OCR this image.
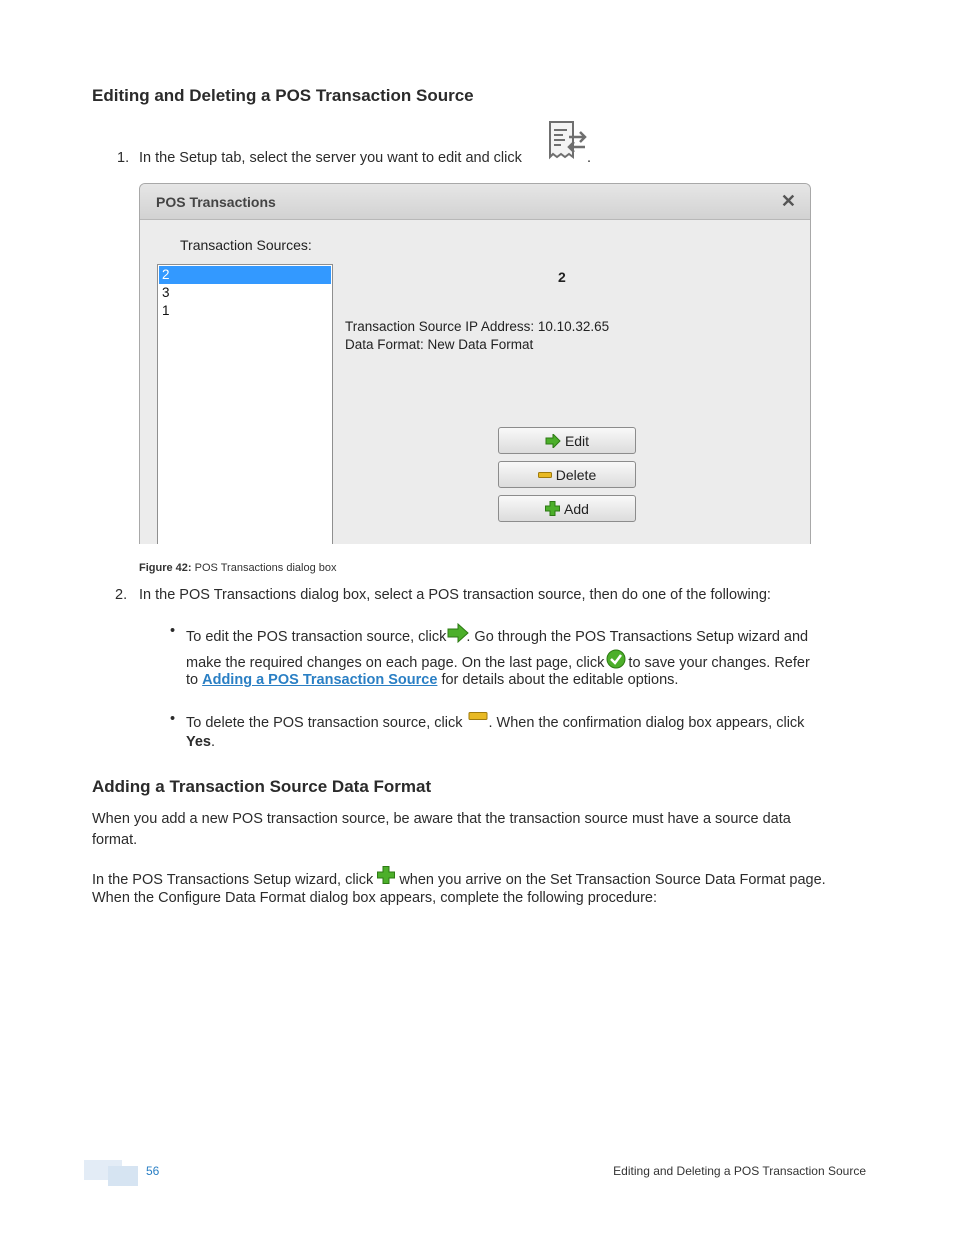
Editing and Deleting a POS Transaction Source
1. In the Setup tab, select the server you want to edit and click	.
POS Transactions	✕
Transaction Sources:
2
3
1
2
Transaction Source IP Address: 10.10.32.65
Data Format: New Data Format
Edit
Delete
Add
Figure 42: POS Transactions dialog box
2. In the POS Transactions dialog box, select a POS transaction source, then do one of the following:
• To edit the POS transaction source, click . Go through the POS Transactions Setup wizard and
make the required changes on each page. On the last page, click to save your changes. Refer
to Adding a POS Transaction Source for details about the editable options.
• To delete the POS transaction source, click . When the confirmation dialog box appears, click
Yes.
Adding a Transaction Source Data Format
When you add a new POS transaction source, be aware that the transaction source must have a source data
format.
In the POS Transactions Setup wizard, click when you arrive on the Set Transaction Source Data Format page.
When the Configure Data Format dialog box appears, complete the following procedure:
56	Editing and Deleting a POS Transaction Source
